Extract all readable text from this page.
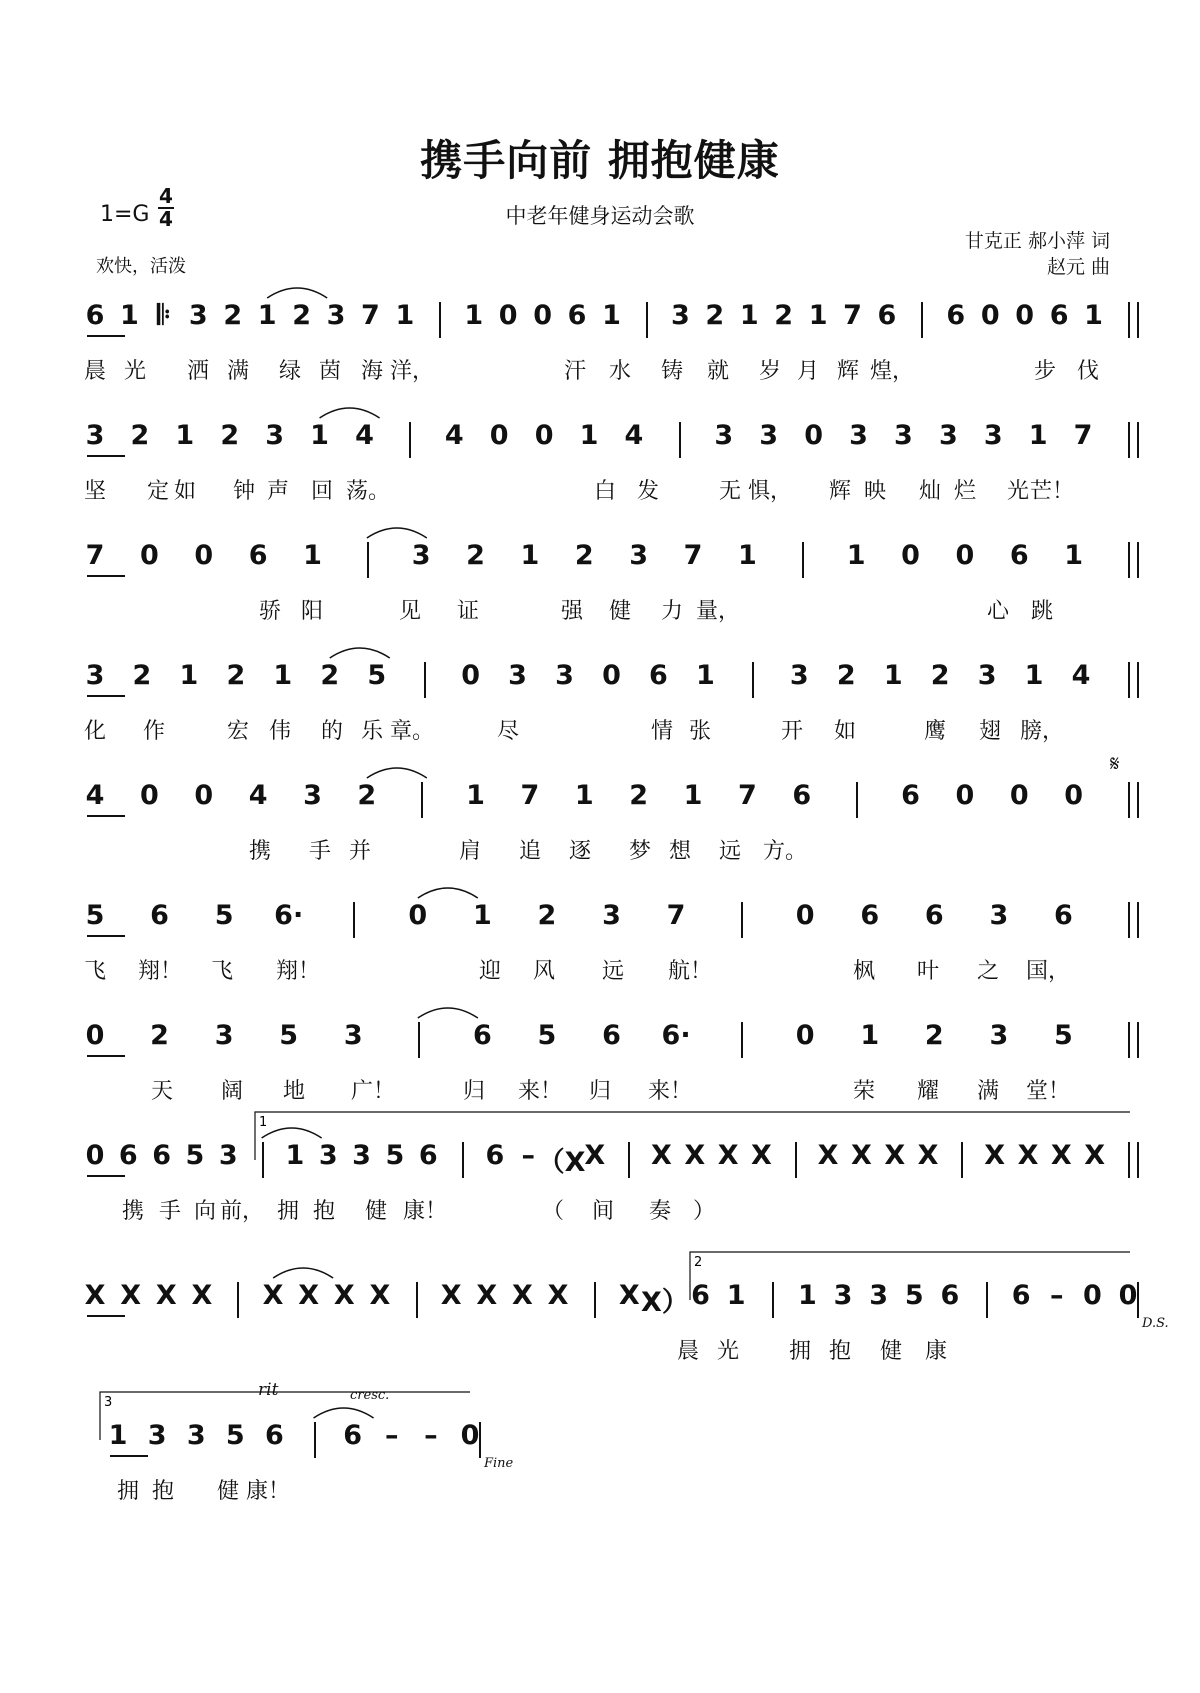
携手向前 拥抱健康
中老年健身运动会歌
1=G
4
4
欢快，活泼
甘克正 郝小萍 词
赵元 曲
6 1 𝄆 3 2 1 2 3 7 1 1 0 0 6 1 3 2 1 2 1 7 6 6 0 0 6 1
晨 光 洒 满 绿 茵 海 洋，	汗 水 铸 就 岁 月 辉 煌，	步 伐
3 2 1 2 3 1 4	4 0 0 1 4	3 3 0 3 3 3 3 1 7
坚 定 如 钟 声 回 荡。	白 发	无 惧， 辉 映 灿 烂 光 芒！
7 0 0 6 1	3 2 1 2 3 7 1	1 0 0 6 1
骄 阳	见 证	强 健 力 量，	心 跳
3 2 1 2 1 2 5	0 3 3 0 6 1	3 2 1 2 3 1 4
化 作	宏 伟 的 乐 章。	尽	情 张	开 如	鹰 翅 膀，
4 0 0 4 3 2	1 7 1 2 1 7 6	6 0 0 0
携 手 并	肩 追 逐 梦 想 远 方。
5 6 5 6·	0 1 2 3 7	0 6 6 3 6
飞 翔！ 飞 翔！	迎 风 远 航！	枫 叶 之 国，
0 2 3 5 3	6 5 6 6·	0 1 2 3 5
天 阔 地 广！	归 来！ 归 来！	荣 耀 满 堂！
0 6 6 5 3 1 3 3 5 6 6 – （X
X X X X X X X X X X X X X
携 手 向 前， 拥 抱 健 康！	（ 间 奏 ）
X X X X X X X X X X X X X X） 6 1 1 3 3 5 6 6 – 0 0
晨 光 拥 抱 健 康
1 3 3 5 6 6 – – 0
拥 抱 健 康！
1
2
3
𝄋
D.S.
Fine
rit	cresc.
